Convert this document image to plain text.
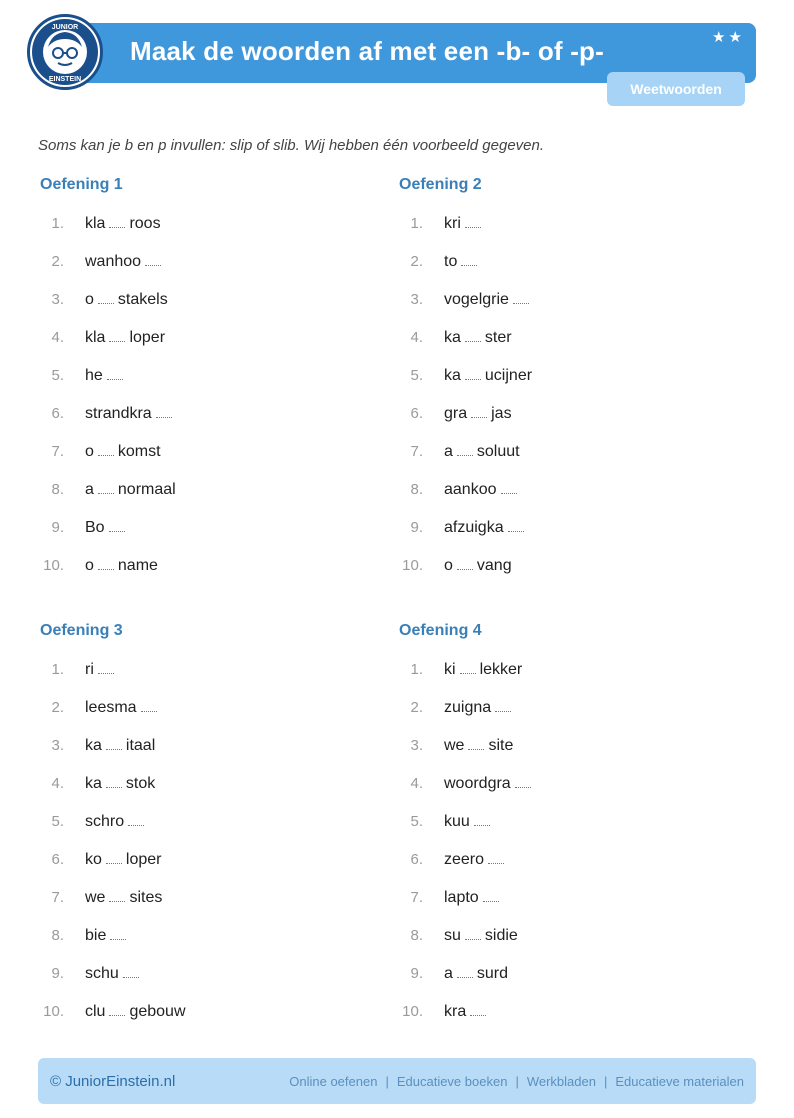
JUNIOR
EINSTEIN
Maak de woorden af met een -b- of -p-	★★
Weetwoorden
Soms kan je b en p invullen: slip of slib. Wij hebben één voorbeeld gegeven.
Oefening 1
1. kla roos
2. wanhoo
3. o stakels
4. kla loper
5. he
6. strandkra
7. o komst
8. a normaal
9. Bo
10. o name
Oefening 2
1. kri
2. to
3. vogelgrie
4. ka ster
5. ka ucijner
6. gra jas
7. a soluut
8. aankoo
9. afzuigka
10. o vang
Oefening 3
1. ri
2. leesma
3. ka itaal
4. ka stok
5. schro
6. ko loper
7. we sites
8. bie
9. schu
10. clu gebouw
Oefening 4
1. ki lekker
2. zuigna
3. we site
4. woordgra
5. kuu
6. zeero
7. lapto
8. su sidie
9. a surd
10. kra
© JuniorEinstein.nl	Online oefenen | Educatieve boeken | Werkbladen | Educatieve materialen
